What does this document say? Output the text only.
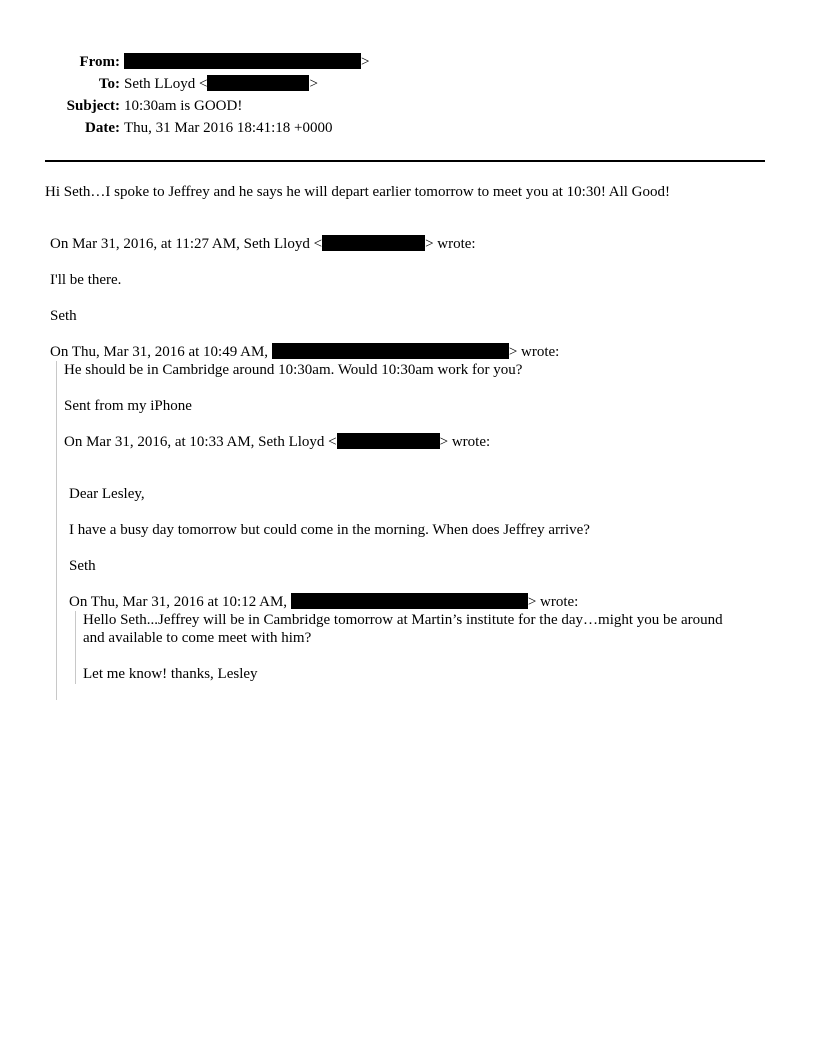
From:	>
To: Seth LLoyd <	>
Subject: 10:30am is GOOD!
Date: Thu, 31 Mar 2016 18:41:18 +0000
Hi Seth…I spoke to Jeffrey and he says he will depart earlier tomorrow to meet you at 10:30! All Good!
On Mar 31, 2016, at 11:27 AM, Seth Lloyd <	> wrote:
I'll be there.
Seth
On Thu, Mar 31, 2016 at 10:49 AM,	> wrote:
He should be in Cambridge around 10:30am. Would 10:30am work for you?
Sent from my iPhone
On Mar 31, 2016, at 10:33 AM, Seth Lloyd <	> wrote:
Dear Lesley,
I have a busy day tomorrow but could come in the morning. When does Jeffrey arrive?
Seth
On Thu, Mar 31, 2016 at 10:12 AM,	> wrote:
Hello Seth...Jeffrey will be in Cambridge tomorrow at Martin’s institute for the day…might you be around and available to come meet with him?
Let me know! thanks, Lesley
